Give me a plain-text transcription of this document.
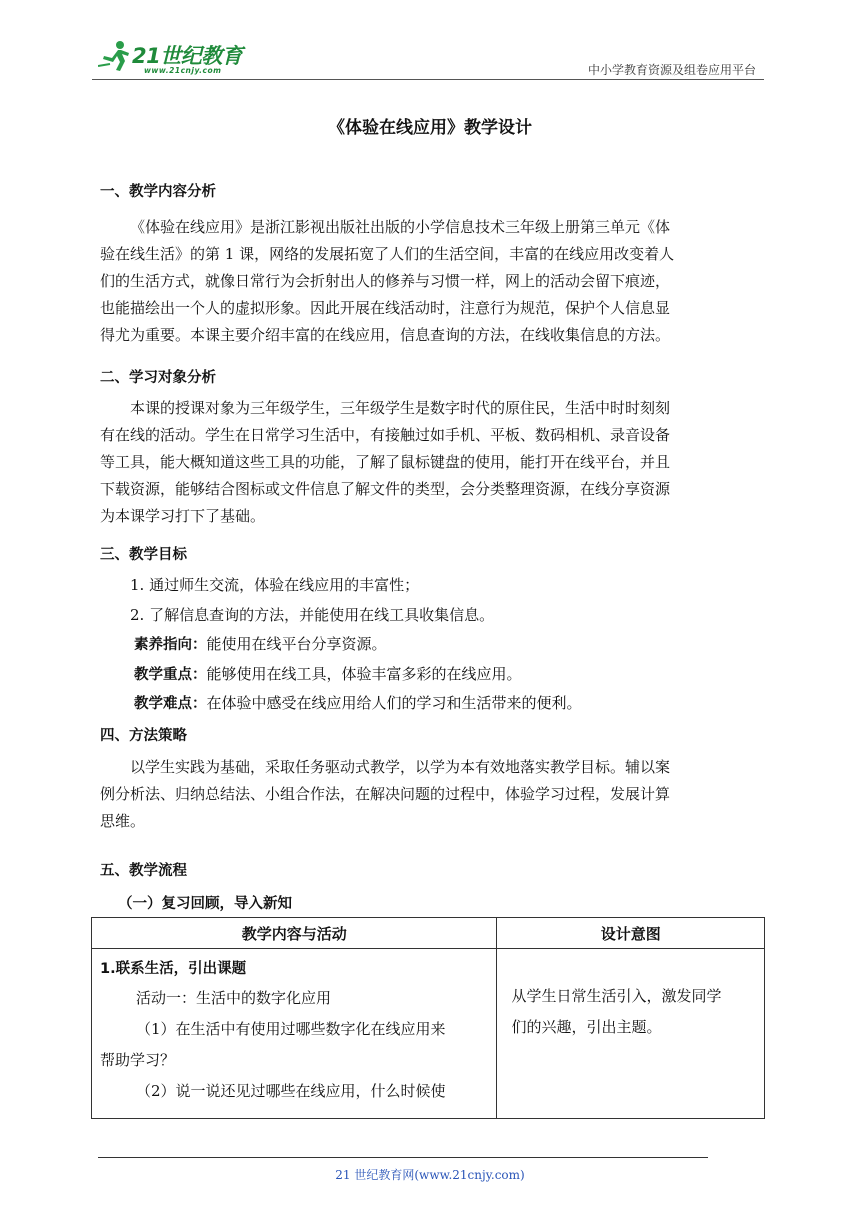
21世纪教育
www.21cnjy.com	中小学教育资源及组卷应用平台
《体验在线应用》教学设计
一、教学内容分析
《体验在线应用》是浙江影视出版社出版的小学信息技术三年级上册第三单元《体
验在线生活》的第 1 课，网络的发展拓宽了人们的生活空间，丰富的在线应用改变着人
们的生活方式，就像日常行为会折射出人的修养与习惯一样，网上的活动会留下痕迹，
也能描绘出一个人的虚拟形象。因此开展在线活动时，注意行为规范，保护个人信息显
得尤为重要。本课主要介绍丰富的在线应用，信息查询的方法，在线收集信息的方法。
二、学习对象分析
本课的授课对象为三年级学生，三年级学生是数字时代的原住民，生活中时时刻刻
有在线的活动。学生在日常学习生活中，有接触过如手机、平板、数码相机、录音设备
等工具，能大概知道这些工具的功能，了解了鼠标键盘的使用，能打开在线平台，并且
下载资源，能够结合图标或文件信息了解文件的类型，会分类整理资源，在线分享资源
为本课学习打下了基础。
三、教学目标
1. 通过师生交流，体验在线应用的丰富性；
2. 了解信息查询的方法，并能使用在线工具收集信息。
素养指向：能使用在线平台分享资源。
教学重点：能够使用在线工具，体验丰富多彩的在线应用。
教学难点：在体验中感受在线应用给人们的学习和生活带来的便利。
四、方法策略
以学生实践为基础，采取任务驱动式教学，以学为本有效地落实教学目标。辅以案
例分析法、归纳总结法、小组合作法，在解决问题的过程中，体验学习过程，发展计算
思维。
五、教学流程
（一）复习回顾，导入新知
教学内容与活动	设计意图

1.联系生活，引出课题
活动一：生活中的数字化应用
（1）在生活中有使用过哪些数字化在线应用来
帮助学习？
（2）说一说还见过哪些在线应用，什么时候使	从学生日常生活引入，激发同学
们的兴趣，引出主题。
21 世纪教育网(www.21cnjy.com)
